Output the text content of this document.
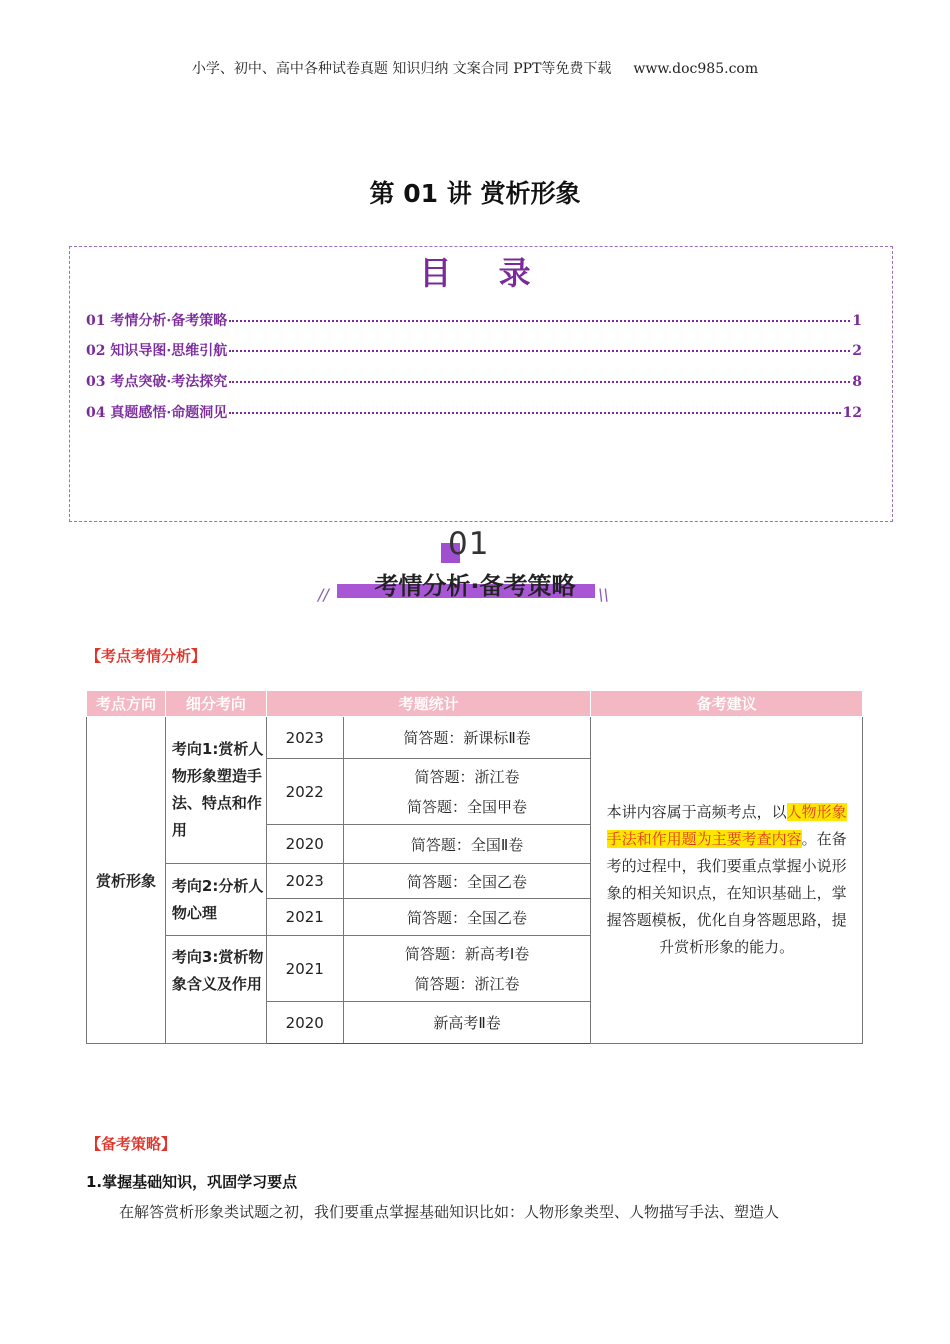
小学、初中、高中各种试卷真题 知识归纳 文案合同 PPT等免费下载 www.doc985.com
第 01 讲 赏析形象
目 录
01 考情分析·备考策略	1
02 知识导图·思维引航	2
03 考点突破·考法探究	8
04 真题感悟·命题洞见	12
01
考情分析·备考策略
//	\\
【考点考情分析】
考点方向	细分考向	考题统计		备考建议
赏析形象	考向1:赏析人物形象塑造手法、特点和作用	2023	简答题：新课标Ⅱ卷	本讲内容属于高频考点，以人物形象手法和作用题为主要考查内容。在备考的过程中，我们要重点掌握小说形象的相关知识点，在知识基础上，掌握答题模板，优化自身答题思路，提升赏析形象的能力。
		2022	简答题：浙江卷
简答题：全国甲卷	

		2020	简答题：全国Ⅱ卷	
	考向2:分析人物心理	2023	简答题：全国乙卷	
		2021	简答题：全国乙卷	
	考向3:赏析物象含义及作用	2021	简答题：新高考Ⅰ卷
简答题：浙江卷	

		2020	新高考Ⅱ卷	
【备考策略】
1.掌握基础知识，巩固学习要点
在解答赏析形象类试题之初，我们要重点掌握基础知识比如：人物形象类型、人物描写手法、塑造人
